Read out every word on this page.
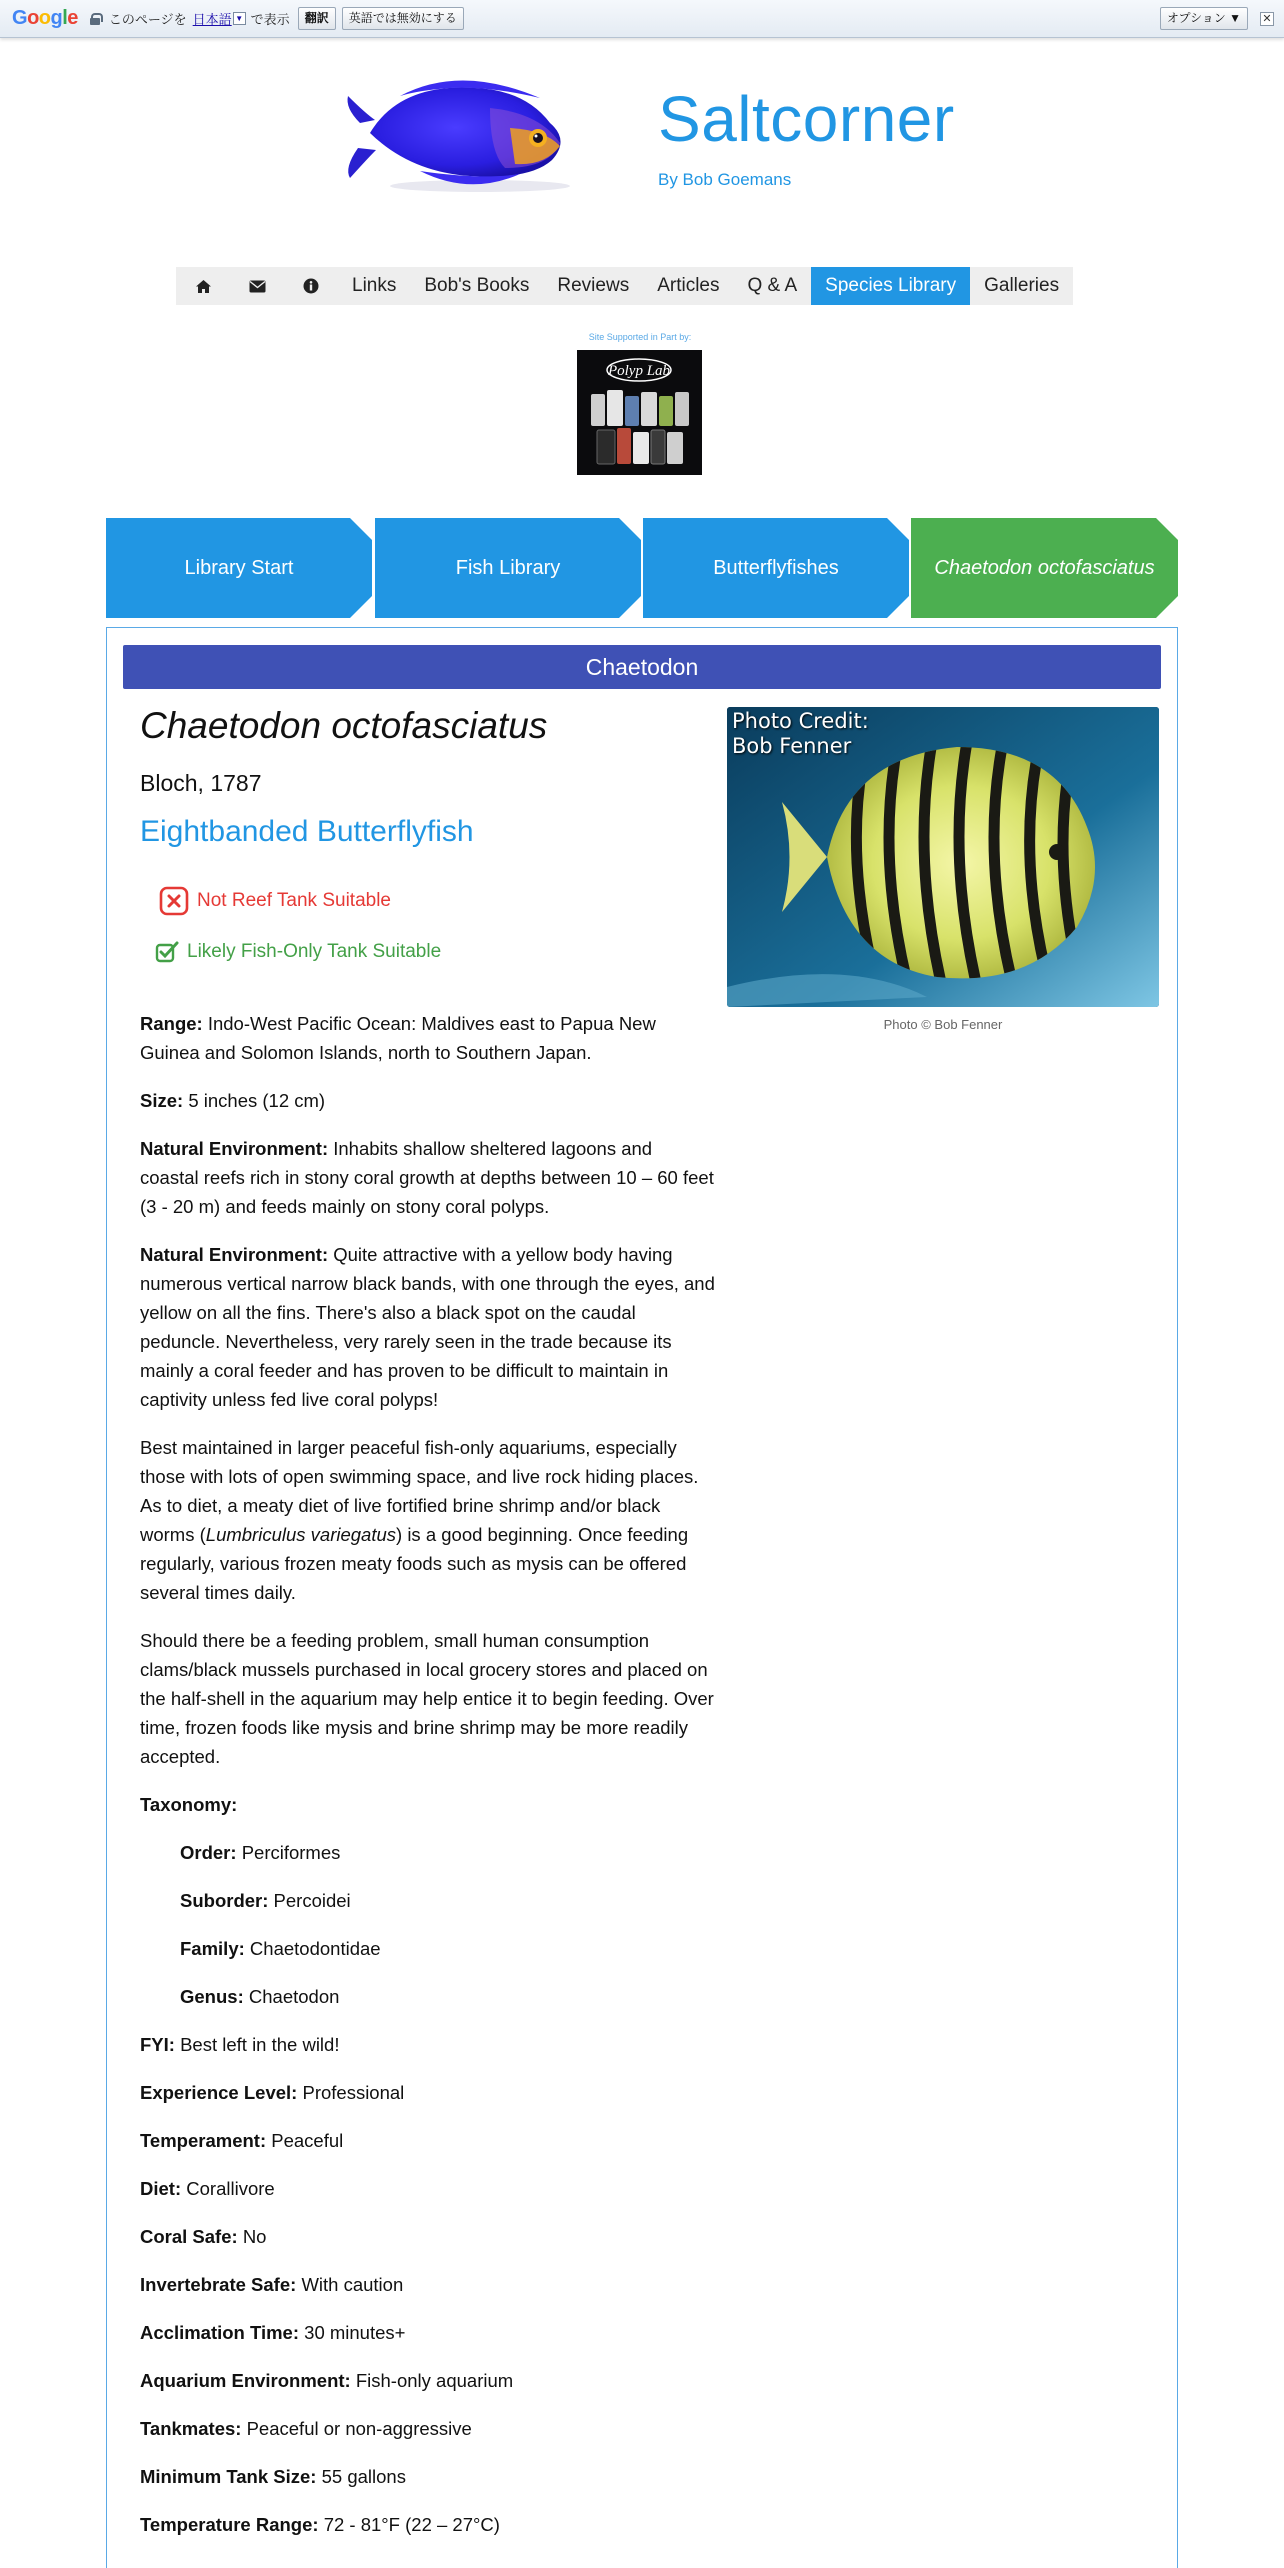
Google このページを 日本語 ▼ で表示	翻訳	英語では無効にする	オプション ▼	✕
Saltcorner
By Bob Goemans
Links	Bob's Books	Reviews	Articles	Q & A	Species Library	Galleries
Site Supported in Part by:
Polyp Lab
Library Start	Fish Library	Butterflyfishes	Chaetodon octofasciatus
Chaetodon
Chaetodon octofasciatus
Bloch, 1787
Eightbanded Butterflyfish
Not Reef Tank Suitable
Likely Fish-Only Tank Suitable
Photo Credit:
Bob Fenner
Photo © Bob Fenner

Range: Indo-West Pacific Ocean: Maldives east to Papua New Guinea and Solomon Islands, north to Southern Japan.

Size: 5 inches (12 cm)

Natural Environment: Inhabits shallow sheltered lagoons and coastal reefs rich in stony coral growth at depths between 10 – 60 feet (3 - 20 m) and feeds mainly on stony coral polyps.

Natural Environment: Quite attractive with a yellow body having numerous vertical narrow black bands, with one through the eyes, and yellow on all the fins. There's also a black spot on the caudal peduncle. Nevertheless, very rarely seen in the trade because its mainly a coral feeder and has proven to be difficult to maintain in captivity unless fed live coral polyps!

Best maintained in larger peaceful fish-only aquariums, especially those with lots of open swimming space, and live rock hiding places. As to diet, a meaty diet of live fortified brine shrimp and/or black worms (Lumbriculus variegatus) is a good beginning. Once feeding regularly, various frozen meaty foods such as mysis can be offered several times daily.

Should there be a feeding problem, small human consumption clams/black mussels purchased in local grocery stores and placed on the half-shell in the aquarium may help entice it to begin feeding. Over time, frozen foods like mysis and brine shrimp may be more readily accepted.

Taxonomy:

Order: Perciformes

Suborder: Percoidei

Family: Chaetodontidae

Genus: Chaetodon

FYI: Best left in the wild!

Experience Level: Professional

Temperament: Peaceful

Diet: Corallivore

Coral Safe: No

Invertebrate Safe: With caution

Acclimation Time: 30 minutes+

Aquarium Environment: Fish-only aquarium

Tankmates: Peaceful or non-aggressive

Minimum Tank Size: 55 gallons

Temperature Range: 72 - 81°F (22 – 27°C)
